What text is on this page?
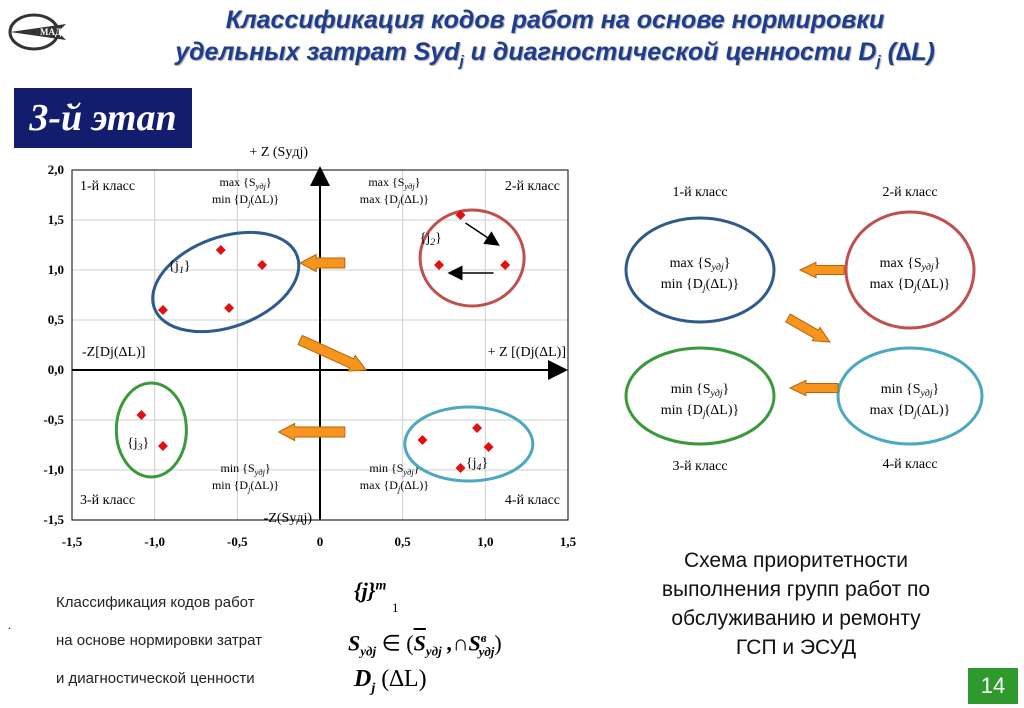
МАДИ	Классификация кодов работ на основе нормировки
удельных затрат Syd$_j$ и диагностической ценности $D_j$ (∆L)
3-й этап
-1,5	-1,0	-0,5	0	0,5	1,0	1,5
2,0
1,5
1,0
0,5
0,0
-0,5
-1,0
-1,5
+ Z (Syдj)
-Z(Syдj)
+ Z [(Dj(ΔL)]
-Z[Dj(ΔL)]
1-й класс	$\max \{S_{yдj}\}$
$\min \{D_j(\Delta L)\}$
2-й класс
$\max \{S_{yдj}\}$
$\max \{D_j(\Delta L)\}$
3-й класс
$\min \{S_{yдj}\}$
$\min \{D_j(\Delta L)\}$
4-й класс
$\min \{S_{yдj}\}$
$\max \{D_j(\Delta L)\}$
$\{j_1\}$
$\{j_2\}$
$\{j_3\}$
$\{j_4\}$
$\max \{S_{yдj}\}$
$\min \{D_j(\Delta L)\}$
$\max \{S_{yдj}\}$
$\max \{D_j(\Delta L)\}$
$\min \{S_{yдj}\}$
$\min \{D_j(\Delta L)\}$
$\min \{S_{yдj}\}$
$\max \{D_j(\Delta L)\}$
1-й класс	2-й класс
3-й класс	4-й класс
Схема приоритетности
выполнения групп работ по
обслуживанию и ремонту
ГСП и ЭСУД
Классификация кодов работ
на основе нормировки затрат
и диагностической ценности
$\{j\}^m$
1
$S_{yдj}$ ∈ ($\overline{S}_{yдj}$ $,\cap S^в_{yдj}$)
$D_j$ (∆L)
.
14
